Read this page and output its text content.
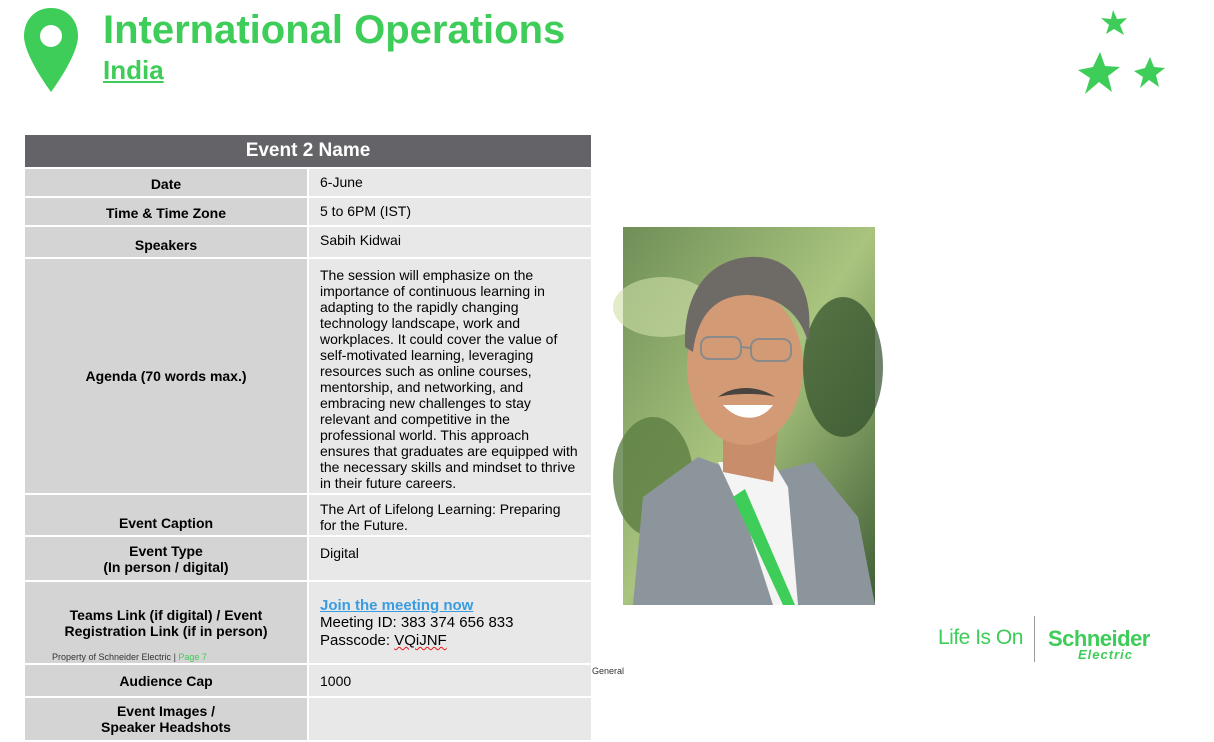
International Operations
India
Event 2 Name	
Date	6-June
Time & Time Zone	5 to 6PM (IST)
Speakers	Sabih Kidwai
Agenda (70 words max.)	The session will emphasize on the importance of continuous learning in adapting to the rapidly changing technology landscape, work and workplaces. It could cover the value of self-motivated learning, leveraging resources such as online courses, mentorship, and networking, and embracing new challenges to stay relevant and competitive in the professional world. This approach ensures that graduates are equipped with the necessary skills and mindset to thrive in their future careers.
Event Caption	The Art of Lifelong Learning: Preparing for the Future.

Event Type
(In person / digital)	Digital
Teams Link (if digital) / Event Registration Link (if in person)	Join the meeting now
Meeting ID: 383 374 656 833
Passcode: VQiJNF

Audience Cap	1000

Event Images /
Speaker Headshots	

Property of Schneider Electric | Page 7
General
Life Is On Schneider
Electric
